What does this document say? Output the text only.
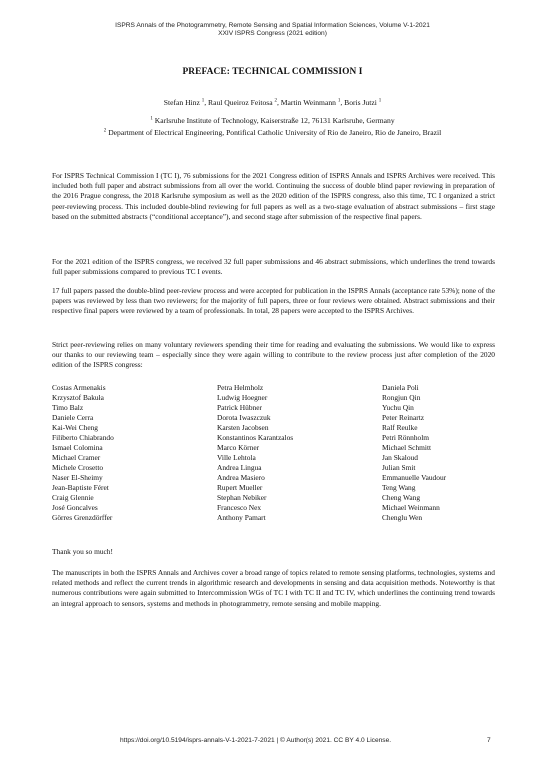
ISPRS Annals of the Photogrammetry, Remote Sensing and Spatial Information Sciences, Volume V-1-2021
XXIV ISPRS Congress (2021 edition)
PREFACE: TECHNICAL COMMISSION I
Stefan Hinz $^1$, Raul Queiroz Feitosa $^2$, Martin Weinmann $^1$, Boris Jutzi $^1$
$^1$ Karlsruhe Institute of Technology, Kaiserstraße 12, 76131 Karlsruhe, Germany
$^2$ Department of Electrical Engineering, Pontifical Catholic University of Rio de Janeiro, Rio de Janeiro, Brazil
For ISPRS Technical Commission I (TC I), 76 submissions for the 2021 Congress edition of ISPRS Annals and ISPRS Archives were received. This included both full paper and abstract submissions from all over the world. Continuing the success of double blind paper reviewing in preparation of the 2016 Prague congress, the 2018 Karlsruhe symposium as well as the 2020 edition of the ISPRS congress, also this time, TC I organized a strict peer-reviewing process. This included double-blind reviewing for full papers as well as a two-stage evaluation of abstract submissions – first stage based on the submitted abstracts (“conditional acceptance”), and second stage after submission of the respective final papers.
For the 2021 edition of the ISPRS congress, we received 32 full paper submissions and 46 abstract submissions, which underlines the trend towards full paper submissions compared to previous TC I events.
17 full papers passed the double-blind peer-review process and were accepted for publication in the ISPRS Annals (acceptance rate 53%); none of the papers was reviewed by less than two reviewers; for the majority of full papers, three or four reviews were obtained. Abstract submissions and their respective final papers were reviewed by a team of professionals. In total, 28 papers were accepted to the ISPRS Archives.
Strict peer-reviewing relies on many voluntary reviewers spending their time for reading and evaluating the submissions. We would like to express our thanks to our reviewing team – especially since they were again willing to contribute to the review process just after completion of the 2020 edition of the ISPRS congress:
Costas Armenakis
Krzysztof Bakuła
Timo Balz
Daniele Cerra
Kai-Wei Cheng
Filiberto Chiabrando
Ismael Colomina
Michael Cramer
Michele Crosetto
Naser El-Sheimy
Jean-Baptiste Féret
Craig Glennie
José Goncalves
Görres Grenzdörffer
Petra Helmholz
Ludwig Hoegner
Patrick Hübner
Dorota Iwaszczuk
Karsten Jacobsen
Konstantinos Karantzalos
Marco Körner
Ville Lehtola
Andrea Lingua
Andrea Masiero
Rupert Mueller
Stephan Nebiker
Francesco Nex
Anthony Pamart
Daniela Poli
Rongjun Qin
Yuchu Qin
Peter Reinartz
Ralf Reulke
Petri Rönnholm
Michael Schmitt
Jan Skaloud
Julian Smit
Emmanuelle Vaudour
Teng Wang
Cheng Wang
Michael Weinmann
Chenglu Wen
Thank you so much!
The manuscripts in both the ISPRS Annals and Archives cover a broad range of topics related to remote sensing platforms, technologies, systems and related methods and reflect the current trends in algorithmic research and developments in sensing and data acquisition methods. Noteworthy is that numerous contributions were again submitted to Intercommission WGs of TC I with TC II and TC IV, which underlines the continuing trend towards an integral approach to sensors, systems and methods in photogrammetry, remote sensing and mobile mapping.
https://doi.org/10.5194/isprs-annals-V-1-2021-7-2021 | © Author(s) 2021. CC BY 4.0 License.	7
